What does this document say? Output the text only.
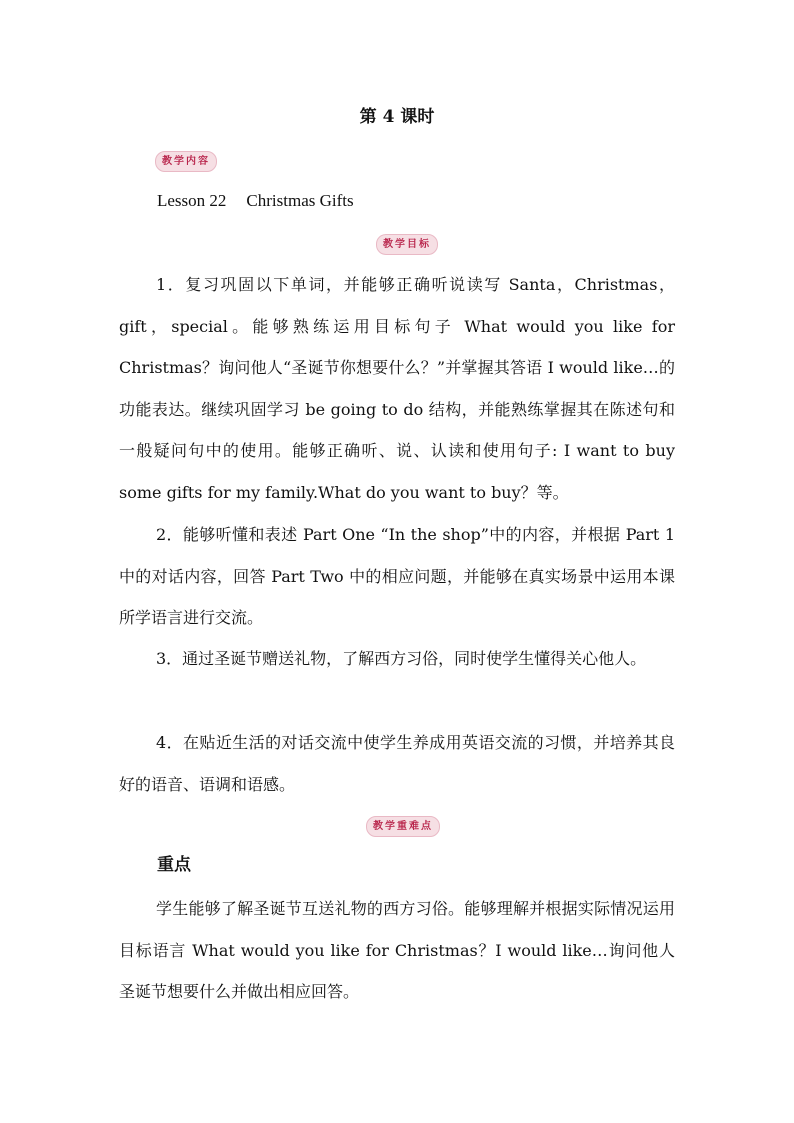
第 4 课时
教学内容
Lesson 22 Christmas Gifts
教学目标

1．复习巩固以下单词，并能够正确听说读写 Santa，Christmas，gift，special。能够熟练运用目标句子 What would you like for Christmas？询问他人“圣诞节你想要什么？”并掌握其答语 I would like…的功能表达。继续巩固学习 be going to do 结构，并能熟练掌握其在陈述句和一般疑问句中的使用。能够正确听、说、认读和使用句子: I want to buy some gifts for my family.What do you want to buy？等。

2．能够听懂和表述 Part One “In the shop”中的内容，并根据 Part 1 中的对话内容，回答 Part Two 中的相应问题，并能够在真实场景中运用本课所学语言进行交流。

3．通过圣诞节赠送礼物，了解西方习俗，同时使学生懂得关心他人。

4．在贴近生活的对话交流中使学生养成用英语交流的习惯，并培养其良好的语音、语调和语感。

教学重难点
重点

学生能够了解圣诞节互送礼物的西方习俗。能够理解并根据实际情况运用目标语言 What would you like for Christmas？I would like…询问他人圣诞节想要什么并做出相应回答。
